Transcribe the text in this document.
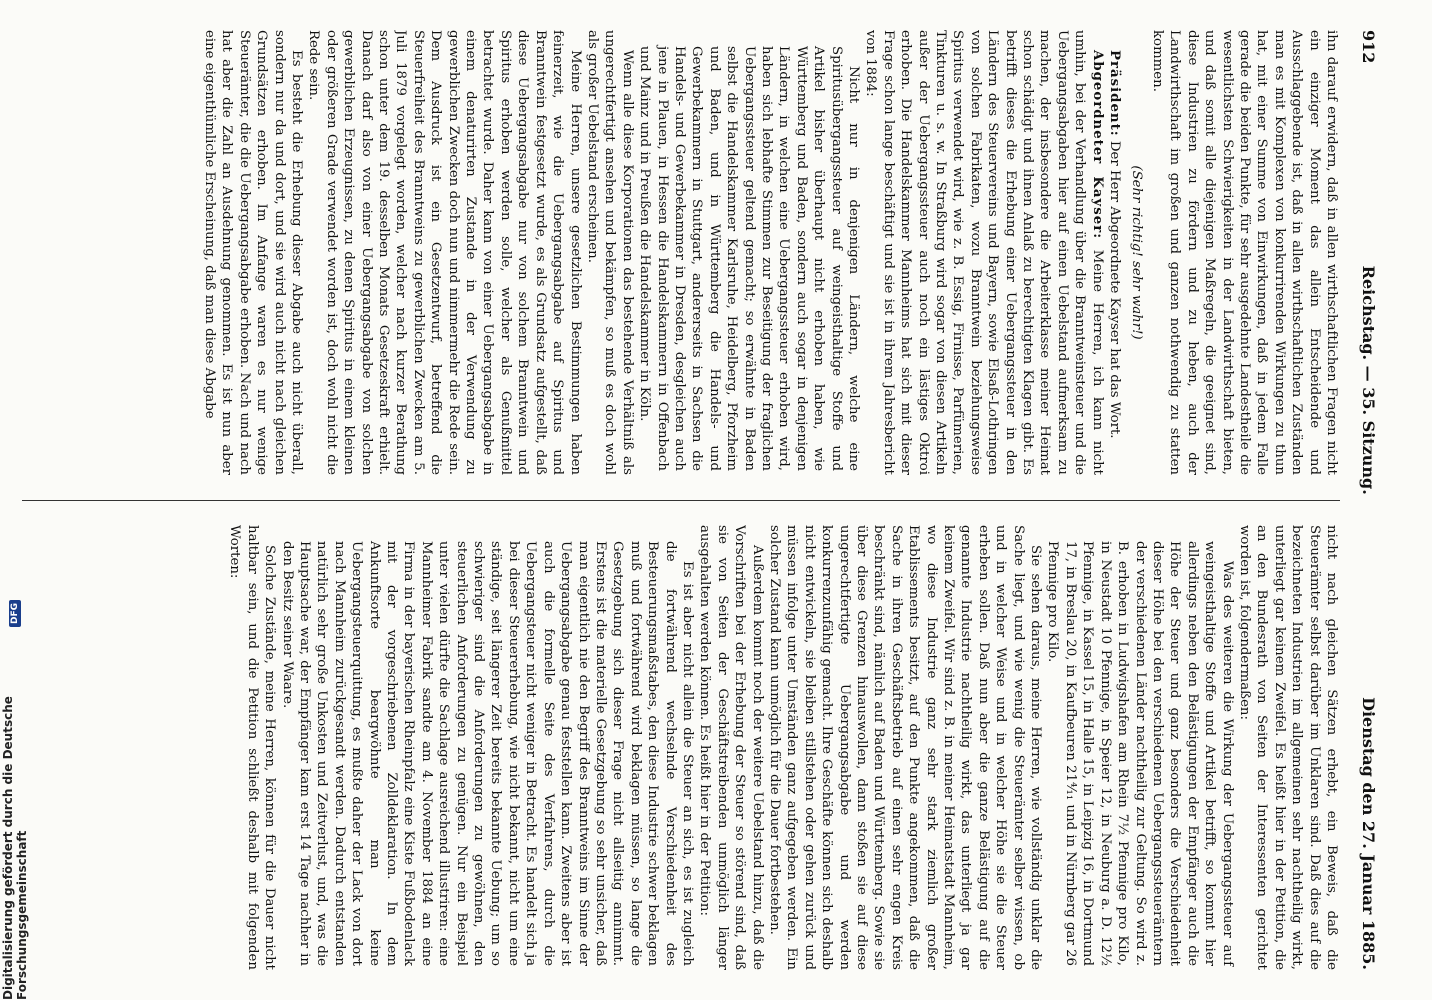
912
Reichstag. — 35. Sitzung.
Dienstag den 27. Januar 1885.

ihn darauf erwidern, daß in allen wirthschaftlichen Fragen nicht ein einziger Moment das allein Entscheidende und Ausschlaggebende ist, daß in allen wirthschaftlichen Zuständen man es mit Komplexen von konkurrirenden Wirkungen zu thun hat, mit einer Summe von Einwirkungen, daß in jedem Falle gerade die beiden Punkte, für sehr ausgedehnte Landestheile die wesentlichsten Schwierigkeiten in der Landwirthschaft bieten, und daß somit alle diejenigen Maßregeln, die geeignet sind, diese Industrien zu fördern und zu heben, auch der Landwirthschaft im großen und ganzen nothwendig zu statten kommen.

(Sehr richtig! sehr wahr!)

Präsident: Der Herr Abgeordnete Kayser hat das Wort.

Abgeordneter Kayser: Meine Herren, ich kann nicht umhin, bei der Verhandlung über die Branntweinsteuer und die Uebergangsabgaben hier auf einen Uebelstand aufmerksam zu machen, der insbesondere die Arbeiterklasse meiner Heimat schon schädigt und ihnen Anlaß zu berechtigten Klagen gibt. Es betrifft dieses die Erhebung einer Uebergangssteuer in den Ländern des Steuervereins und Bayern, sowie Elsaß-Lothringen von solchen Fabrikaten, wozu Branntwein beziehungsweise Spiritus verwendet wird, wie z. B. Essig, Firnisse, Parfümerien, Tinkturen u. s. w. In Straßburg wird sogar von diesen Artikeln außer der Uebergangssteuer auch noch ein lästiges Oktroi erhoben. Die Handelskammer Mannheims hat sich mit dieser Frage schon lange beschäftigt und sie ist in ihrem Jahresbericht von 1884:

Nicht nur in denjenigen Ländern, welche eine Spiritusübergangssteuer auf weingeisthaltige Stoffe und Artikel bisher überhaupt nicht erhoben haben, wie Württemberg und Baden, sondern auch sogar in denjenigen Ländern, in welchen eine Uebergangssteuer erhoben wird, haben sich lebhafte Stimmen zur Beseitigung der fraglichen Uebergangssteuer geltend gemacht; so erwähnte in Baden selbst die Handelskammer Karlsruhe, Heidelberg, Pforzheim und Baden, und in Württemberg die Handels- und Gewerbekammern in Stuttgart, andererseits in Sachsen die Handels- und Gewerbekammer in Dresden, desgleichen auch jene in Plauen, in Hessen die Handelskammern in Offenbach und Mainz und in Preußen die Handelskammer in Köln.

Wenn alle diese Korporationen das bestehende Verhältniß als ungerechtfertigt ansehen und bekämpfen, so muß es doch wohl als großer Uebelstand erscheinen.

Meine Herren, unsere gesetzlichen Bestimmungen haben feinerzeit, wie die Uebergangsabgabe auf Spiritus und Branntwein festgesetzt wurde, es als Grundsatz aufgestellt, daß diese Uebergangsabgabe nur von solchem Branntwein und Spiritus erhoben werden solle, welcher als Genußmittel betrachtet wurde. Daher kann von einer Uebergangsabgabe in einem denaturirten Zustande in der Verwendung zu gewerblichen Zwecken doch nun und nimmermehr die Rede sein. Dem Ausdruck ist ein Gesetzentwurf, betreffend die Steuerfreiheit des Branntweins zu gewerblichen Zwecken am 5. Juli 1879 vorgelegt worden, welcher nach kurzer Berathung schon unter dem 19. desselben Monats Gesetzeskraft erhielt. Danach darf also von einer Uebergangsabgabe von solchen gewerblichen Erzeugnissen, zu denen Spiritus in einem kleinen oder größeren Grade verwendet worden ist, doch wohl nicht die Rede sein.

Es besteht die Erhebung dieser Abgabe auch nicht überall, sondern nur da und dort, und sie wird auch nicht nach gleichen Grundsätzen erhoben. Im Anfange waren es nur wenige Steuerämter, die die Uebergangsabgabe erhoben. Nach und nach hat aber die Zahl an Ausdehnung genommen. Es ist nun aber eine eigenthümliche Erscheinung, daß man diese Abgabe

nicht nach gleichen Sätzen erhebt, ein Beweis, daß die Steuerämter selbst darüber im Unklaren sind. Daß dies auf die bezeichneten Industrien im allgemeinen sehr nachtheilig wirkt, unterliegt gar keinem Zweifel. Es heißt hier in der Petition, die an den Bundesrath von Seiten der Interessenten gerichtet worden ist, folgendermaßen:

Was des weiteren die Wirkung der Uebergangssteuer auf weingeisthaltige Stoffe und Artikel betrifft, so kommt hier allerdings neben den Belästigungen der Empfänger auch die Höhe der Steuer und ganz besonders die Verschiedenheit dieser Höhe bei den verschiedenen Uebergangssteuerämtern der verschiedenen Länder nachtheilig zur Geltung. So wird z. B. erhoben in Ludwigshafen am Rhein 7½ Pfennige pro Kilo, in Neustadt 10 Pfennige, in Speier 12, in Neuburg a. D. 12½ Pfennige, in Kassel 15, in Halle 15, in Leipzig 16, in Dortmund 17, in Breslau 20, in Kaufbeuren 21⁴⁄₁₁ und in Nürnberg gar 26 Pfennige pro Kilo.

Sie sehen daraus, meine Herren, wie vollständig unklar die Sache liegt, und wie wenig die Steuerämter selber wissen, ob und in welcher Weise und in welcher Höhe sie die Steuer erheben sollen. Daß nun aber die ganze Belästigung auf die genannte Industrie nachtheilig wirkt, das unterliegt ja gar keinem Zweifel. Wir sind z. B. in meiner Heimatstadt Mannheim, wo diese Industrie ganz sehr stark ziemlich großer Etablissements besitzt, auf den Punkte angekommen, daß die Sache in ihren Geschäftsbetrieb auf einen sehr engen Kreis beschränkt sind, nämlich auf Baden und Württemberg. Sowie sie über diese Grenzen hinauswollen, dann stoßen sie auf diese ungerechtfertigte Uebergangsabgabe und werden konkurrenzunfähig gemacht. Ihre Geschäfte können sich deshalb nicht entwickeln, sie bleiben stillstehen oder gehen zurück und müssen infolge unter Umständen ganz aufgegeben werden. Ein solcher Zustand kann unmöglich für die Dauer fortbestehen.

Außerdem kommt noch der weitere Uebelstand hinzu, daß die Vorschriften bei der Erhebung der Steuer so störend sind, daß sie von Seiten der Geschäftstreibenden unmöglich länger ausgehalten werden können. Es heißt hier in der Petition:

Es ist aber nicht allein die Steuer an sich, es ist zugleich die fortwährend wechselnde Verschiedenheit des Besteuerungsmaßstabes, den diese Industrie schwer beklagen muß und fortwährend wird beklagen müssen, so lange die Gesetzgebung sich dieser Frage nicht allseitig annimmt. Erstens ist die materielle Gesetzgebung so sehr unsicher, daß man eigentlich nie den Begriff des Branntweins im Sinne der Uebergangsabgabe genau feststellen kann. Zweitens aber ist auch die formelle Seite des Verfahrens, durch die Uebergangsteuer nicht weniger in Betracht. Es handelt sich ja bei dieser Steuererhebung, wie nicht bekannt, nicht um eine ständige, seit längerer Zeit bereits bekannte Uebung; um so schwieriger sind die Anforderungen zu gewöhnen, den steuerlichen Anforderungen zu genügen. Nur ein Beispiel unter vielen dürfte die Sachlage ausreichend illustriren: eine Mannheimer Fabrik sandte am 4. November 1884 an eine Firma in der bayerischen Rheinpfalz eine Kiste Fußbodenlack mit der vorgeschriebenen Zolldeklaration. In dem Ankunftsorte beargwöhnte man keine Uebergangsteuerquittung, es mußte daher der Lack von dort nach Mannheim zurückgesandt werden. Dadurch entstanden natürlich sehr große Unkosten und Zeitverlust, und, was die Hauptsache war, der Empfänger kam erst 14 Tage nachher in den Besitz seiner Waare.

Solche Zustände, meine Herren, können für die Dauer nicht haltbar sein, und die Petition schließt deshalb mit folgenden Worten:

Digitalisierung gefördert durch die Deutsche Forschungsgemeinschaft
DFG
